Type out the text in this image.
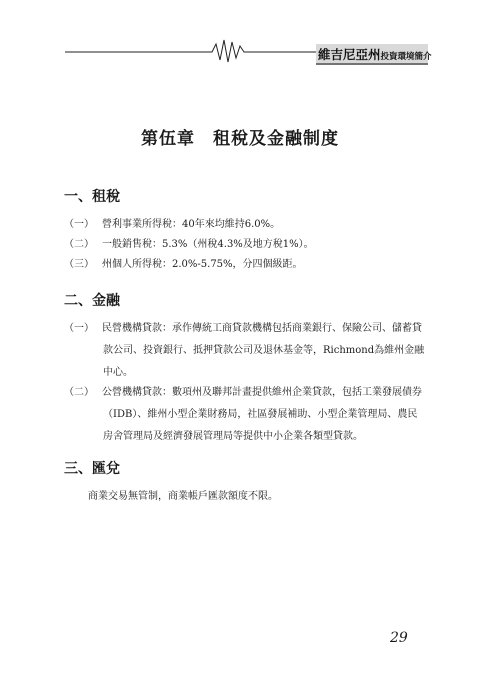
維吉尼亞州投資環境簡介
第伍章　租稅及金融制度
一、租稅
（一） 營利事業所得稅：40年來均維持6.0%。
（二） 一般銷售稅：5.3%（州稅4.3%及地方稅1%）。
（三） 州個人所得稅：2.0%-5.75%，分四個級距。
二、金融
（一） 民營機構貸款：承作傳統工商貸款機構包括商業銀行、保險公司、儲蓄貸
款公司、投資銀行、抵押貸款公司及退休基金等，Richmond為維州金融
中心。
（二） 公營機構貸款：數項州及聯邦計畫提供維州企業貸款，包括工業發展債券
（IDB）、維州小型企業財務局，社區發展補助、小型企業管理局、農民
房舍管理局及經濟發展管理局等提供中小企業各類型貸款。
三、匯兌
商業交易無管制，商業帳戶匯款額度不限。
29
